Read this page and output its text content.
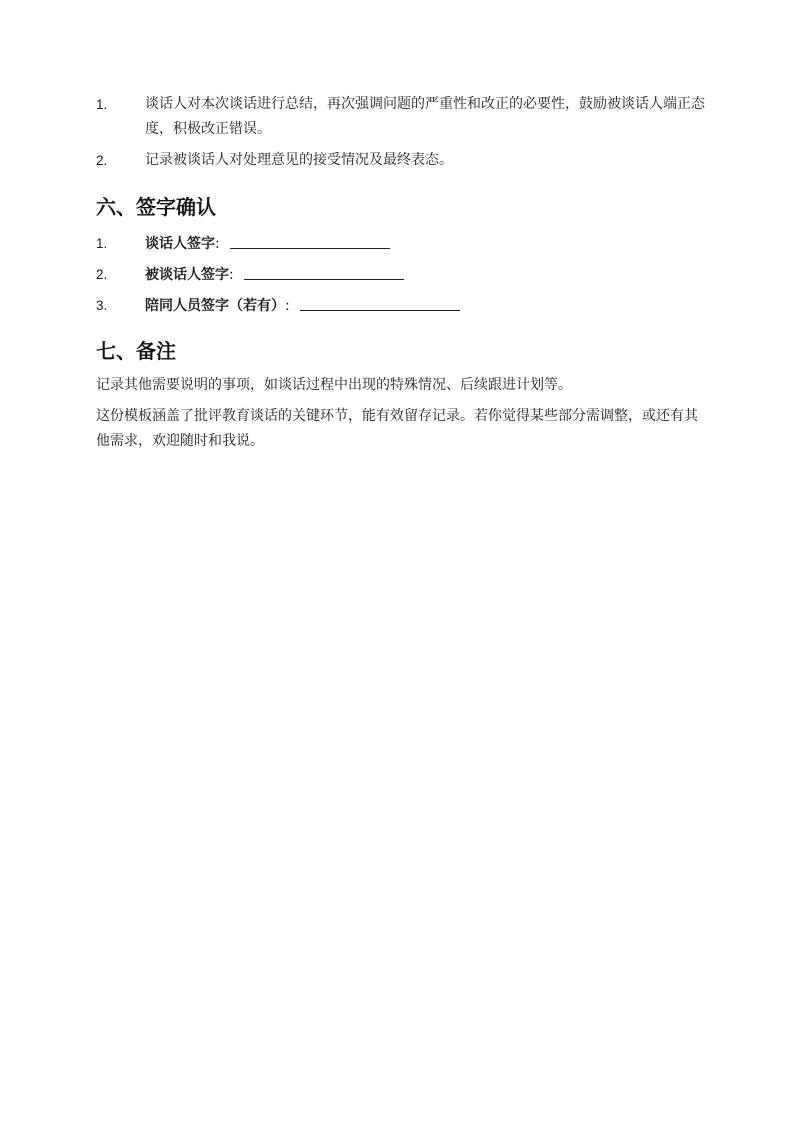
1.	谈话人对本次谈话进行总结，再次强调问题的严重性和改正的必要性，鼓励被谈话人端正态度，积极改正错误。
2.	记录被谈话人对处理意见的接受情况及最终表态。
六、签字确认
1.	谈话人签字:
2.	被谈话人签字:
3.	陪同人员签字（若有）:
七、备注

记录其他需要说明的事项，如谈话过程中出现的特殊情况、后续跟进计划等。

这份模板涵盖了批评教育谈话的关键环节，能有效留存记录。若你觉得某些部分需调整，或还有其他需求，欢迎随时和我说。
